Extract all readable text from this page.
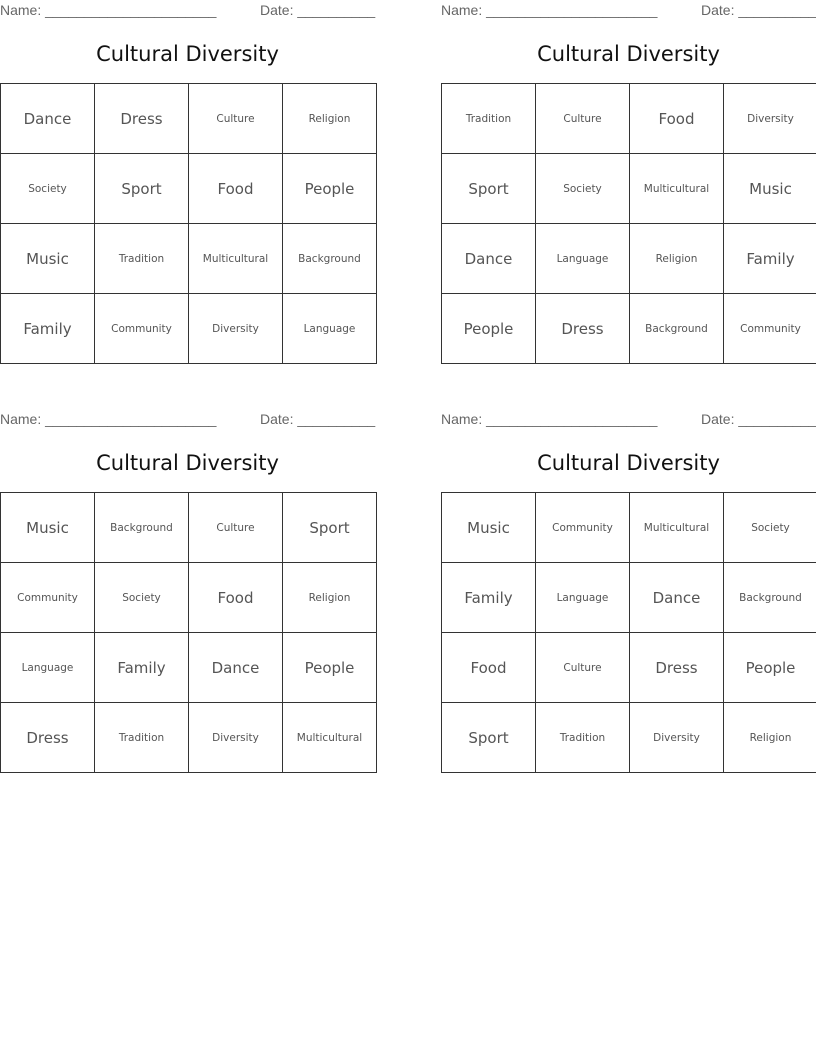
Name: ______________________	Date: __________
Cultural Diversity
Dance	Dress	Culture	Religion
Society	Sport	Food	People
Music	Tradition	Multicultural	Background
Family	Community	Diversity	Language
Name: ______________________	Date: __________
Cultural Diversity
Tradition	Culture	Food	Diversity
Sport	Society	Multicultural	Music
Dance	Language	Religion	Family
People	Dress	Background	Community
Name: ______________________	Date: __________
Cultural Diversity
Music	Background	Culture	Sport
Community	Society	Food	Religion
Language	Family	Dance	People
Dress	Tradition	Diversity	Multicultural
Name: ______________________	Date: __________
Cultural Diversity
Music	Community	Multicultural	Society
Family	Language	Dance	Background
Food	Culture	Dress	People
Sport	Tradition	Diversity	Religion
